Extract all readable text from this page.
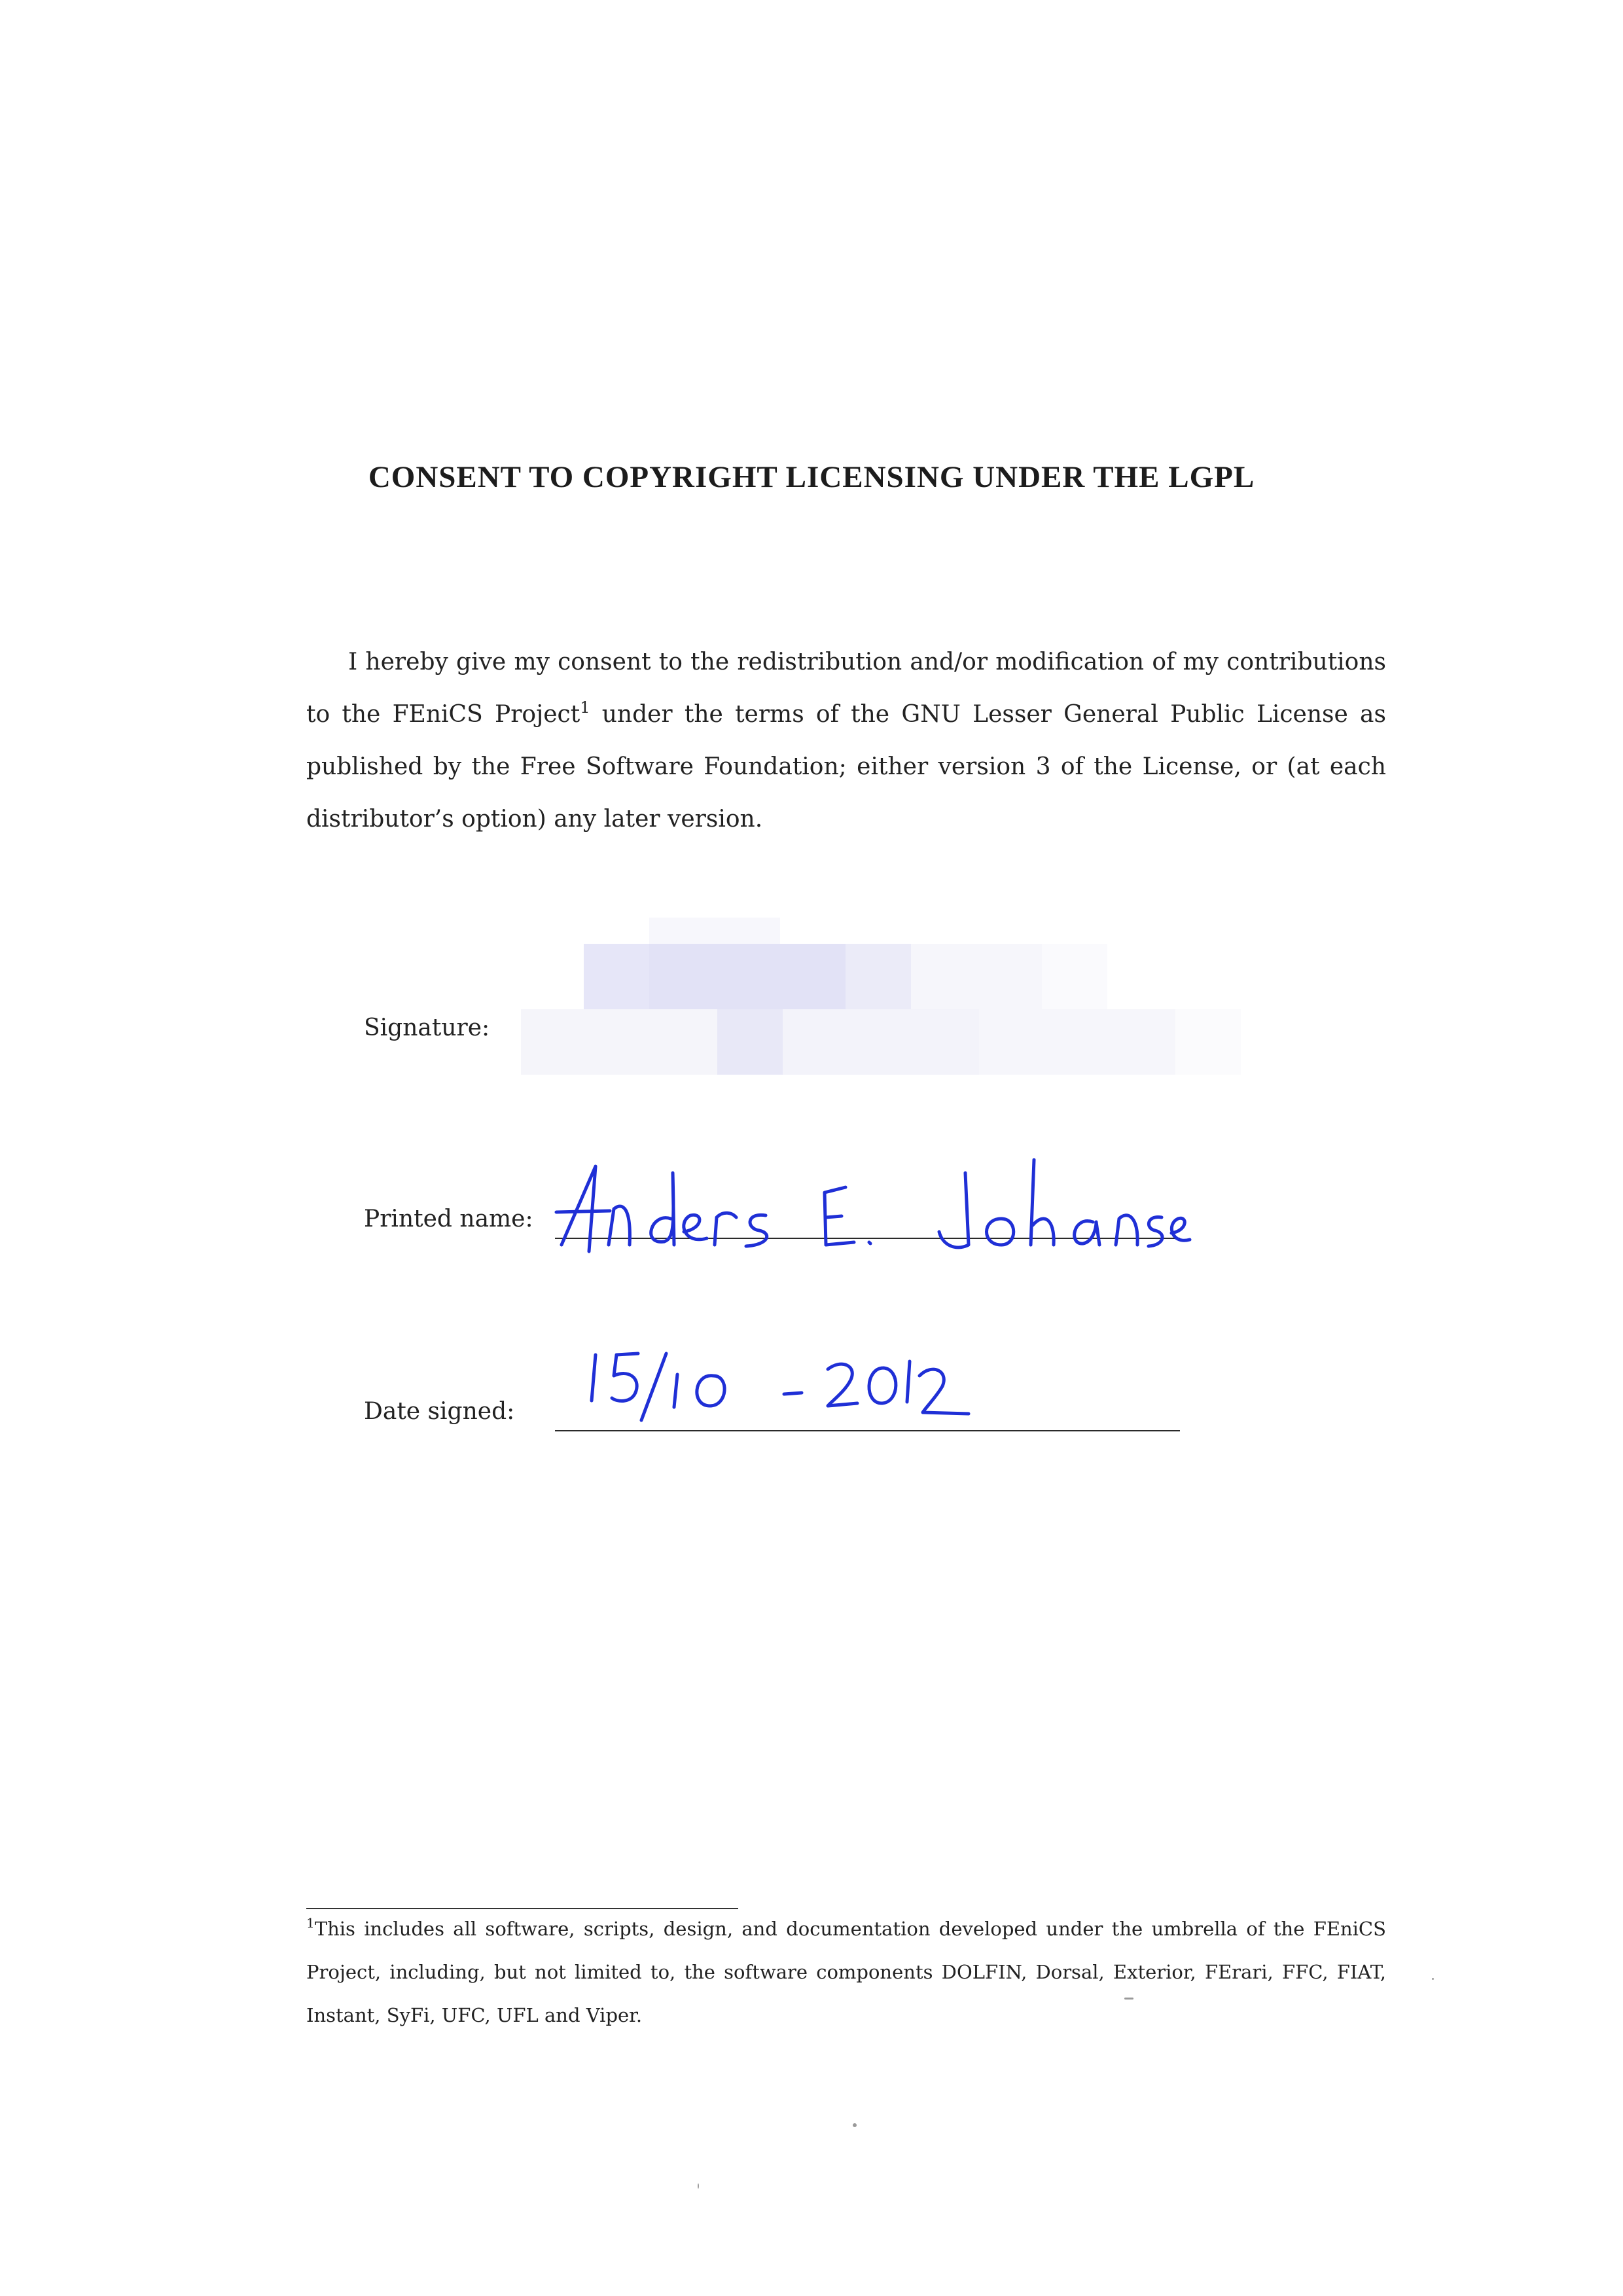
CONSENT TO COPYRIGHT LICENSING UNDER THE LGPL
I hereby give my consent to the redistribution and/or modification of my contributions to the FEniCS Project$^1$ under the terms of the GNU Lesser General Public License as published by the Free Software Foundation; either version 3 of the License, or (at each distributor’s option) any later version.
Signature:
Printed name:
Date signed:
$^1$This includes all software, scripts, design, and documentation developed under the umbrella of the FEniCS Project, including, but not limited to, the software components DOLFIN, Dorsal, Exterior, FErari, FFC, FIAT, Instant, SyFi, UFC, UFL and Viper.
